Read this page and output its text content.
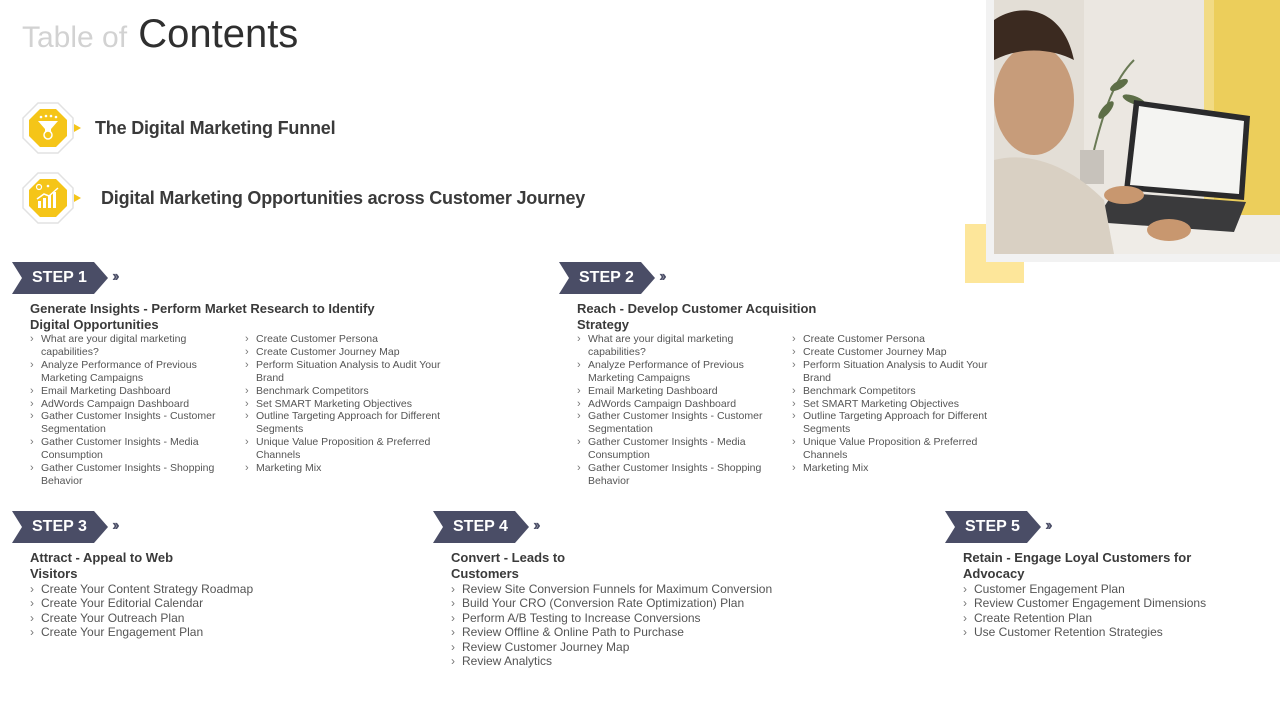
Table of Contents
The Digital Marketing Funnel
Digital Marketing Opportunities across Customer Journey
STEP 1 ››
Generate Insights - Perform Market Research to Identify Digital Opportunities
› What are your digital marketing capabilities?
› Analyze Performance of Previous Marketing Campaigns
› Email Marketing Dashboard
› AdWords Campaign Dashboard
› Gather Customer Insights - Customer Segmentation
› Gather Customer Insights - Media Consumption
› Gather Customer Insights - Shopping Behavior
› Create Customer Persona
› Create Customer Journey Map
› Perform Situation Analysis to Audit Your Brand
› Benchmark Competitors
› Set SMART Marketing Objectives
› Outline Targeting Approach for Different Segments
› Unique Value Proposition & Preferred Channels
› Marketing Mix
STEP 2 ››
Reach - Develop Customer Acquisition Strategy
› What are your digital marketing capabilities?
› Analyze Performance of Previous Marketing Campaigns
› Email Marketing Dashboard
› AdWords Campaign Dashboard
› Gather Customer Insights - Customer Segmentation
› Gather Customer Insights - Media Consumption
› Gather Customer Insights - Shopping Behavior
› Create Customer Persona
› Create Customer Journey Map
› Perform Situation Analysis to Audit Your Brand
› Benchmark Competitors
› Set SMART Marketing Objectives
› Outline Targeting Approach for Different Segments
› Unique Value Proposition & Preferred Channels
› Marketing Mix
STEP 3 ››
Attract - Appeal to Web Visitors
› Create Your Content Strategy Roadmap
› Create Your Editorial Calendar
› Create Your Outreach Plan
› Create Your Engagement Plan
STEP 4 ››
Convert - Leads to Customers
› Review Site Conversion Funnels for Maximum Conversion
› Build Your CRO (Conversion Rate Optimization) Plan
› Perform A/B Testing to Increase Conversions
› Review Offline & Online Path to Purchase
› Review Customer Journey Map
› Review Analytics
STEP 5 ››
Retain - Engage Loyal Customers for Advocacy
› Customer Engagement Plan
› Review Customer Engagement Dimensions
› Create Retention Plan
› Use Customer Retention Strategies
